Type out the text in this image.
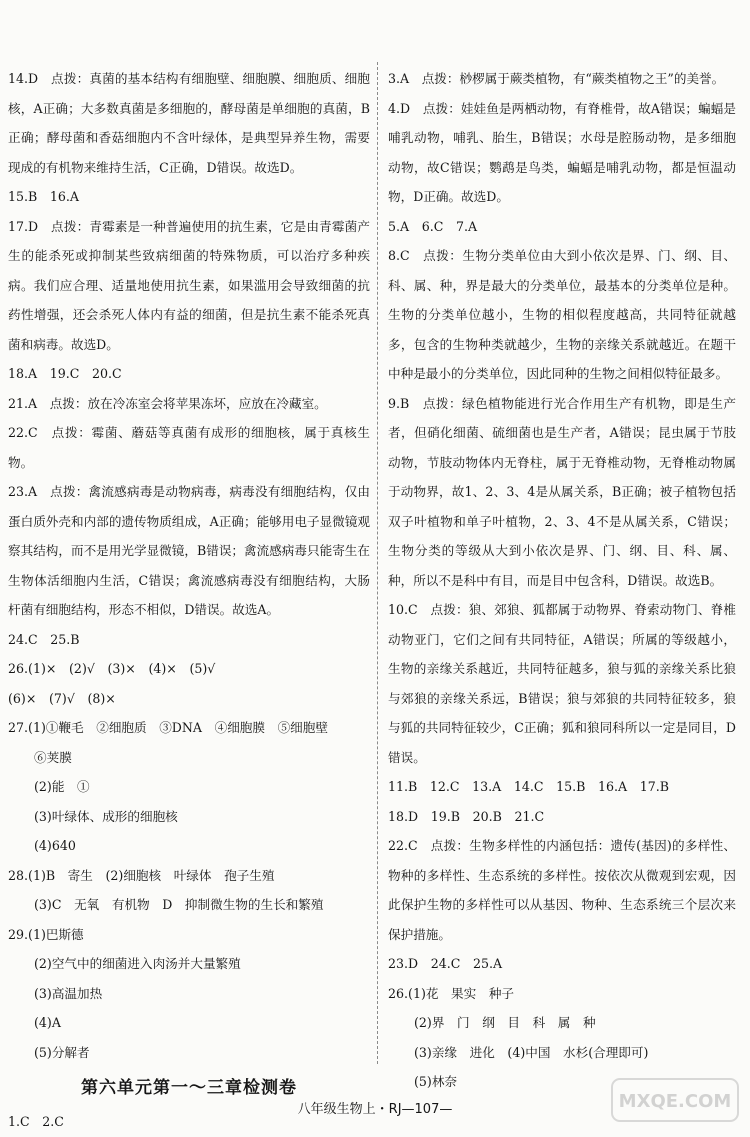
14.D　点拨：真菌的基本结构有细胞壁、细胞膜、细胞质、细胞核，A正确；大多数真菌是多细胞的，酵母菌是单细胞的真菌，B正确；酵母菌和香菇细胞内不含叶绿体，是典型异养生物，需要现成的有机物来维持生活，C正确，D错误。故选D。

15.B　16.A

17.D　点拨：青霉素是一种普遍使用的抗生素，它是由青霉菌产生的能杀死或抑制某些致病细菌的特殊物质，可以治疗多种疾病。我们应合理、适量地使用抗生素，如果滥用会导致细菌的抗药性增强，还会杀死人体内有益的细菌，但是抗生素不能杀死真菌和病毒。故选D。

18.A　19.C　20.C

21.A　点拨：放在冷冻室会将苹果冻坏，应放在冷藏室。

22.C　点拨：霉菌、蘑菇等真菌有成形的细胞核，属于真核生物。

23.A　点拨：禽流感病毒是动物病毒，病毒没有细胞结构，仅由蛋白质外壳和内部的遗传物质组成，A正确；能够用电子显微镜观察其结构，而不是用光学显微镜，B错误；禽流感病毒只能寄生在生物体活细胞内生活，C错误；禽流感病毒没有细胞结构，大肠杆菌有细胞结构，形态不相似，D错误。故选A。

24.C　25.B

26.(1)×　(2)√　(3)×　(4)×　(5)√

(6)×　(7)√　(8)×

27.(1)①鞭毛　②细胞质　③DNA　④细胞膜　⑤细胞壁

⑥荚膜

(2)能　①

(3)叶绿体、成形的细胞核

(4)640

28.(1)B　寄生　(2)细胞核　叶绿体　孢子生殖

(3)C　无氧　有机物　D　抑制微生物的生长和繁殖

29.(1)巴斯德

(2)空气中的细菌进入肉汤并大量繁殖

(3)高温加热

(4)A

(5)分解者

第六单元第一～三章检测卷

1.C　2.C

3.A　点拨：桫椤属于蕨类植物，有“蕨类植物之王”的美誉。

4.D　点拨：娃娃鱼是两栖动物，有脊椎骨，故A错误；蝙蝠是哺乳动物，哺乳、胎生，B错误；水母是腔肠动物，是多细胞动物，故C错误；鹦鹉是鸟类，蝙蝠是哺乳动物，都是恒温动物，D正确。故选D。

5.A　6.C　7.A

8.C　点拨：生物分类单位由大到小依次是界、门、纲、目、科、属、种，界是最大的分类单位，最基本的分类单位是种。生物的分类单位越小，生物的相似程度越高，共同特征就越多，包含的生物种类就越少，生物的亲缘关系就越近。在题干中种是最小的分类单位，因此同种的生物之间相似特征最多。

9.B　点拨：绿色植物能进行光合作用生产有机物，即是生产者，但硝化细菌、硫细菌也是生产者，A错误；昆虫属于节肢动物，节肢动物体内无脊柱，属于无脊椎动物，无脊椎动物属于动物界，故1、2、3、4是从属关系，B正确；被子植物包括双子叶植物和单子叶植物，2、3、4不是从属关系，C错误；生物分类的等级从大到小依次是界、门、纲、目、科、属、种，所以不是科中有目，而是目中包含科，D错误。故选B。

10.C　点拨：狼、郊狼、狐都属于动物界、脊索动物门、脊椎动物亚门，它们之间有共同特征，A错误；所属的等级越小，生物的亲缘关系越近，共同特征越多，狼与狐的亲缘关系比狼与郊狼的亲缘关系远，B错误；狼与郊狼的共同特征较多，狼与狐的共同特征较少，C正确；狐和狼同科所以一定是同目，D错误。

11.B　12.C　13.A　14.C　15.B　16.A　17.B

18.D　19.B　20.B　21.C

22.C　点拨：生物多样性的内涵包括：遗传(基因)的多样性、物种的多样性、生态系统的多样性。按依次从微观到宏观，因此保护生物的多样性可以从基因、物种、生态系统三个层次来保护措施。

23.D　24.C　25.A

26.(1)花　果实　种子

(2)界　门　纲　目　科　属　种

(3)亲缘　进化　(4)中国　水杉(合理即可)

(5)林奈

八年级生物上・RJ—107—	MXQE.COM
